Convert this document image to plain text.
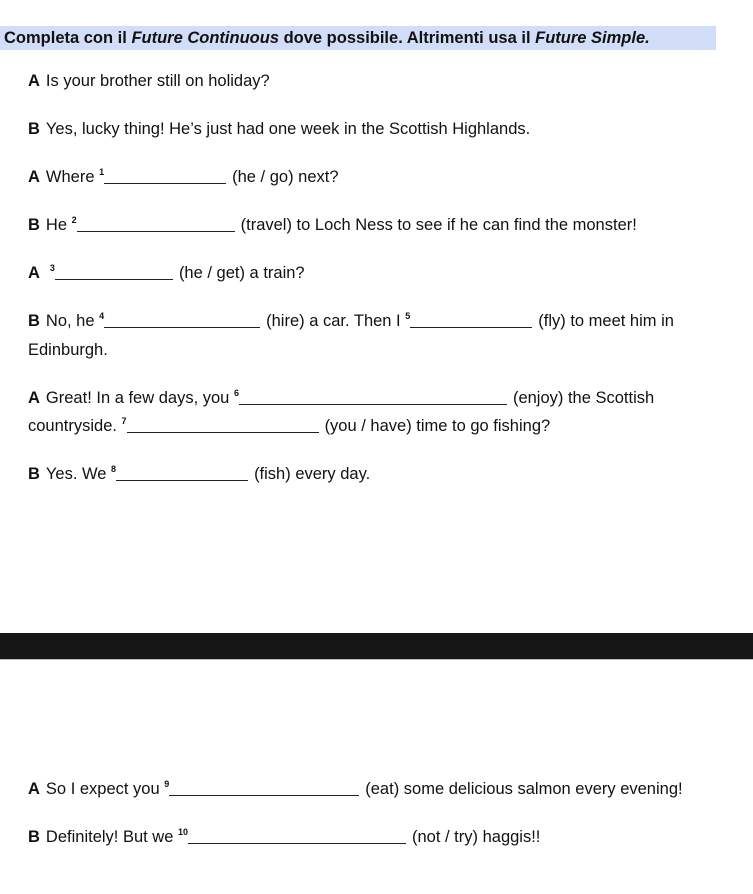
Completa con il Future Continuous dove possibile. Altrimenti usa il Future Simple.
A Is your brother still on holiday?
B Yes, lucky thing! He’s just had one week in the Scottish Highlands.
A Where $^1$	(he / go) next?
B He $^2$	(travel) to Loch Ness to see if he can find the monster!
A $^3$	(he / get) a train?
B No, he $^4$	(hire) a car. Then I $^5$	(fly) to meet him in
Edinburgh.
A Great! In a few days, you $^6$	(enjoy) the Scottish
countryside. $^7$	(you / have) time to go fishing?
B Yes. We $^8$	(fish) every day.
A So I expect you $^9$	(eat) some delicious salmon every evening!
B Definitely! But we $^{10}$	(not / try) haggis!!
